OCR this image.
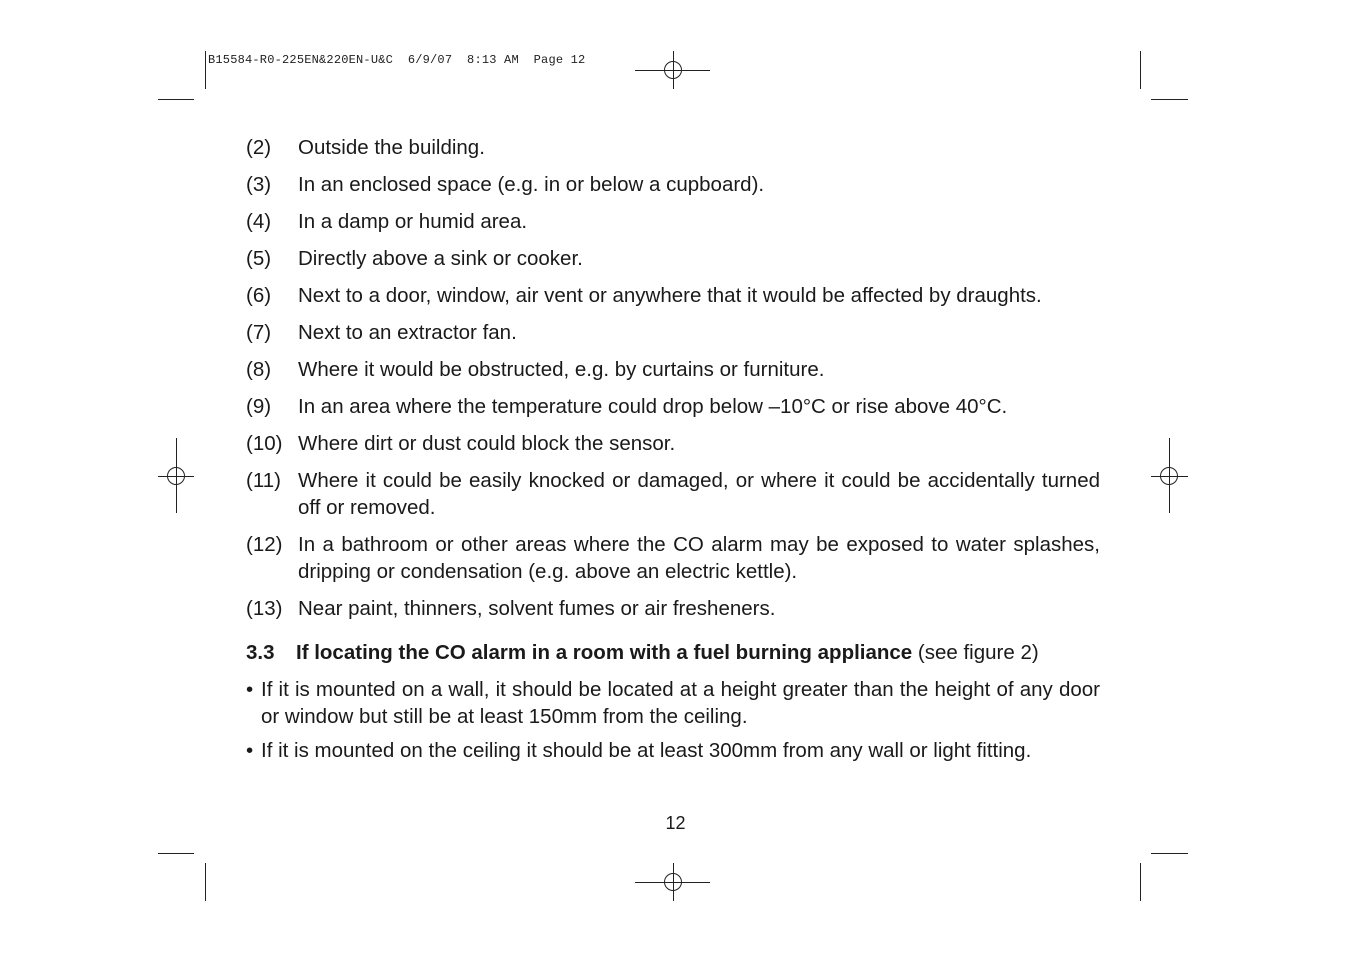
B15584-R0-225EN&220EN-U&C  6/9/07  8:13 AM  Page 12
(2)	Outside the building.
(3)	In an enclosed space (e.g. in or below a cupboard).
(4)	In a damp or humid area.
(5)	Directly above a sink or cooker.
(6)	Next to a door, window, air vent or anywhere that it would be affected by draughts.
(7)	Next to an extractor fan.
(8)	Where it would be obstructed, e.g. by curtains or furniture.
(9)	In an area where the temperature could drop below –10°C or rise above 40°C.
(10) Where dirt or dust could block the sensor.
(11) Where it could be easily knocked or damaged, or where it could be accidentally turned off or removed.
(12) In a bathroom or other areas where the CO alarm may be exposed to water splashes, dripping or condensation (e.g. above an electric kettle).
(13) Near paint, thinners, solvent fumes or air fresheners.
3.3 If locating the CO alarm in a room with a fuel burning appliance (see figure 2)
• If it is mounted on a wall, it should be located at a height greater than the height of any door or window but still be at least 150mm from the ceiling.
• If it is mounted on the ceiling it should be at least 300mm from any wall or light fitting.
12
